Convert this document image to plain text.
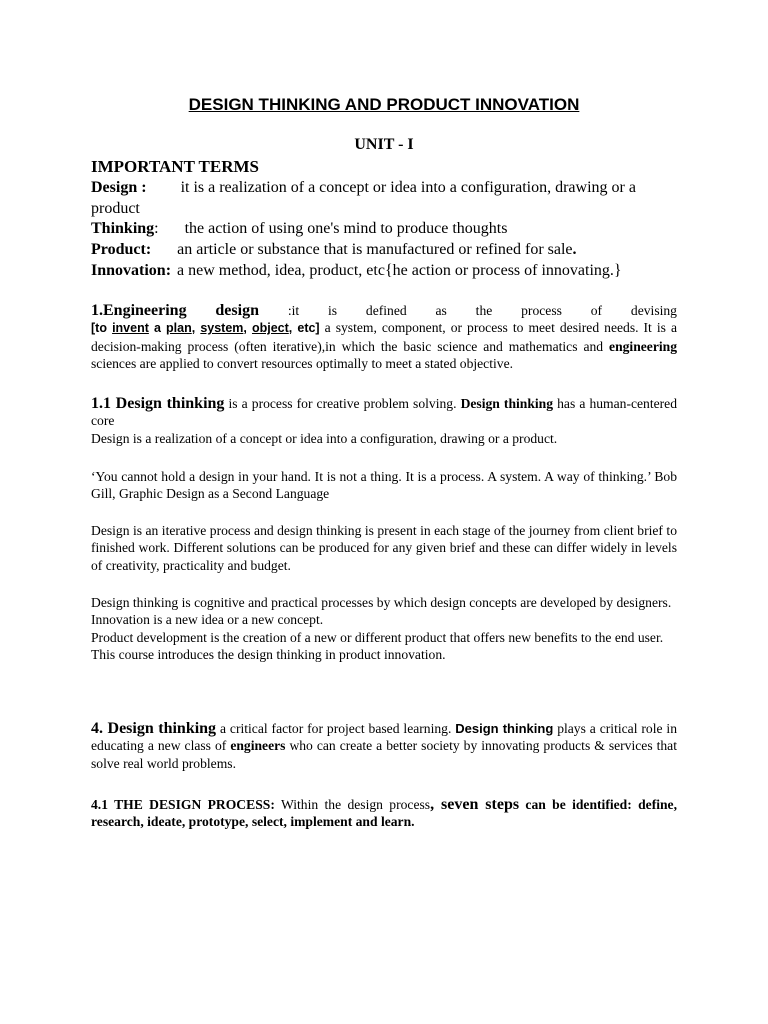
DESIGN THINKING AND PRODUCT INNOVATION
UNIT - I
IMPORTANT TERMS
Design : it is a realization of a concept or idea into a configuration, drawing or a product
Thinking: the action of using one's mind to produce thoughts
Product: an article or substance that is manufactured or refined for sale.
Innovation: a new method, idea, product, etc{he action or process of innovating.}

1.Engineering design :it is defined as the process of devising

[to invent a plan, system, object, etc] a system, component, or process to meet desired needs. It is a decision-making process (often iterative),in which the basic science and mathematics and engineering sciences are applied to convert resources optimally to meet a stated objective.

1.1 Design thinking is a process for creative problem solving. Design thinking has a human-centered core

Design is a realization of a concept or idea into a configuration, drawing or a product.

‘You cannot hold a design in your hand. It is not a thing. It is a process. A system. A way of thinking.’ Bob Gill, Graphic Design as a Second Language

Design is an iterative process and design thinking is present in each stage of the journey from client brief to finished work. Different solutions can be produced for any given brief and these can differ widely in levels of creativity, practicality and budget.

Design thinking is cognitive and practical processes by which design concepts are developed by designers.

Innovation is a new idea or a new concept.

Product development is the creation of a new or different product that offers new benefits to the end user.

This course introduces the design thinking in product innovation.

4. Design thinking a critical factor for project based learning. Design thinking plays a critical role in educating a new class of engineers who can create a better society by innovating products & services that solve real world problems.

4.1 THE DESIGN PROCESS: Within the design process, seven steps can be identified: define, research, ideate, prototype, select, implement and learn.
